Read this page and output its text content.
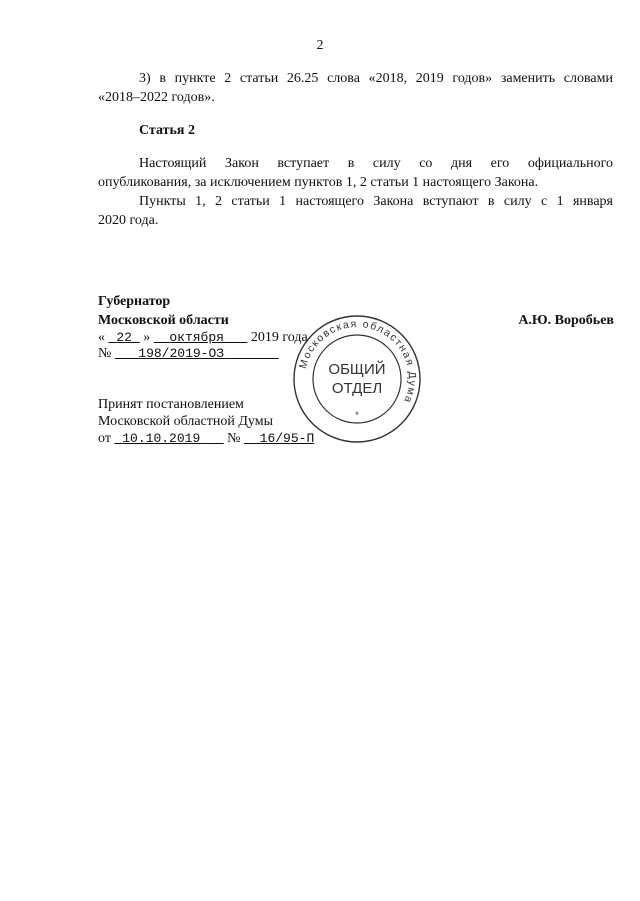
2
3) в пункте 2 статьи 26.25 слова «2018, 2019 годов» заменить словами
«2018–2022 годов».
Статья 2
Настоящий Закон вступает в силу со дня его официального
опубликования, за исключением пунктов 1, 2 статьи 1 настоящего Закона.
Пункты 1, 2 статьи 1 настоящего Закона вступают в силу с 1 января
2020 года.
Губернатор
Московской области	А.Ю. Воробьев
« 22 » октября 2019 года
№ 198/2019-ОЗ
Принят постановлением
Московской областной Думы
от 10.10.2019 № 16/95-П
Московская областная Дума
ОБЩИЙ
ОТДЕЛ
*
